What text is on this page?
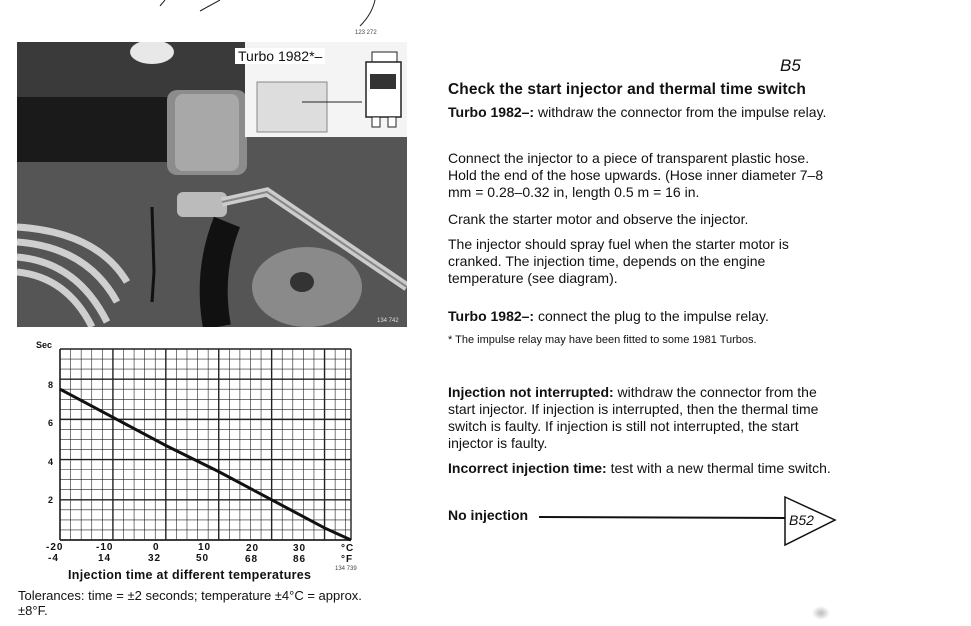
123 272
Turbo 1982*–
134 742
Sec
8
6
4
2
-20	-10	0	10	20	30	°C
-4	14	32	50	68	86	°F
134 739
Injection time at different temperatures
Tolerances: time = ±2 seconds; temperature ±4°C = approx. ±8°F.
B5
Check the start injector and thermal time switch
Turbo 1982–: withdraw the connector from the impulse relay.
Connect the injector to a piece of transparent plastic hose. Hold the end of the hose upwards. (Hose inner diameter 7–8 mm = 0.28–0.32 in, length 0.5 m = 16 in.
Crank the starter motor and observe the injector.
The injector should spray fuel when the starter motor is cranked. The injection time, depends on the engine temperature (see diagram).
Turbo 1982–: connect the plug to the impulse relay.
* The impulse relay may have been fitted to some 1981 Turbos.
Injection not interrupted: withdraw the connector from the start injector. If injection is interrupted, then the thermal time switch is faulty. If injection is still not interrupted, the start injector is faulty.
Incorrect injection time: test with a new thermal time switch.
No injection	B52
